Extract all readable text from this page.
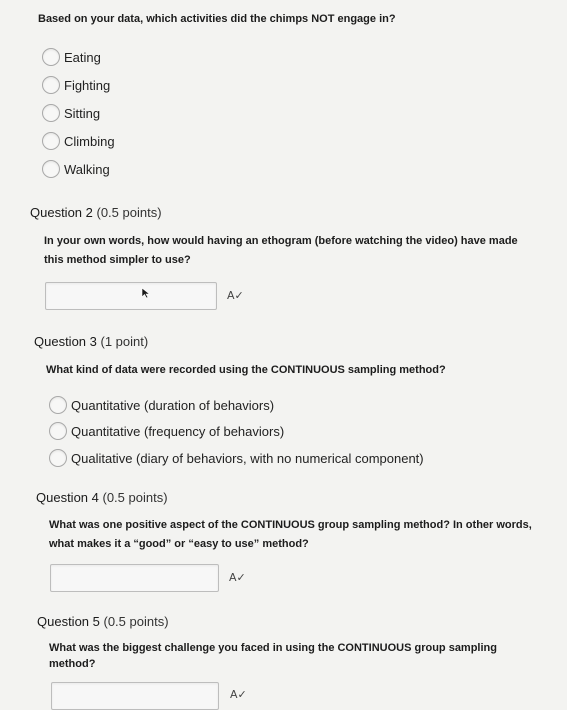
Based on your data, which activities did the chimps NOT engage in?
Eating
Fighting
Sitting
Climbing
Walking
Question 2 (0.5 points)
In your own words, how would having an ethogram (before watching the video) have made
this method simpler to use?
A✓
Question 3 (1 point)
What kind of data were recorded using the CONTINUOUS sampling method?
Quantitative (duration of behaviors)
Quantitative (frequency of behaviors)
Qualitative (diary of behaviors, with no numerical component)
Question 4 (0.5 points)
What was one positive aspect of the CONTINUOUS group sampling method? In other words,
what makes it a “good” or “easy to use” method?
A✓
Question 5 (0.5 points)
What was the biggest challenge you faced in using the CONTINUOUS group sampling
method?
A✓
